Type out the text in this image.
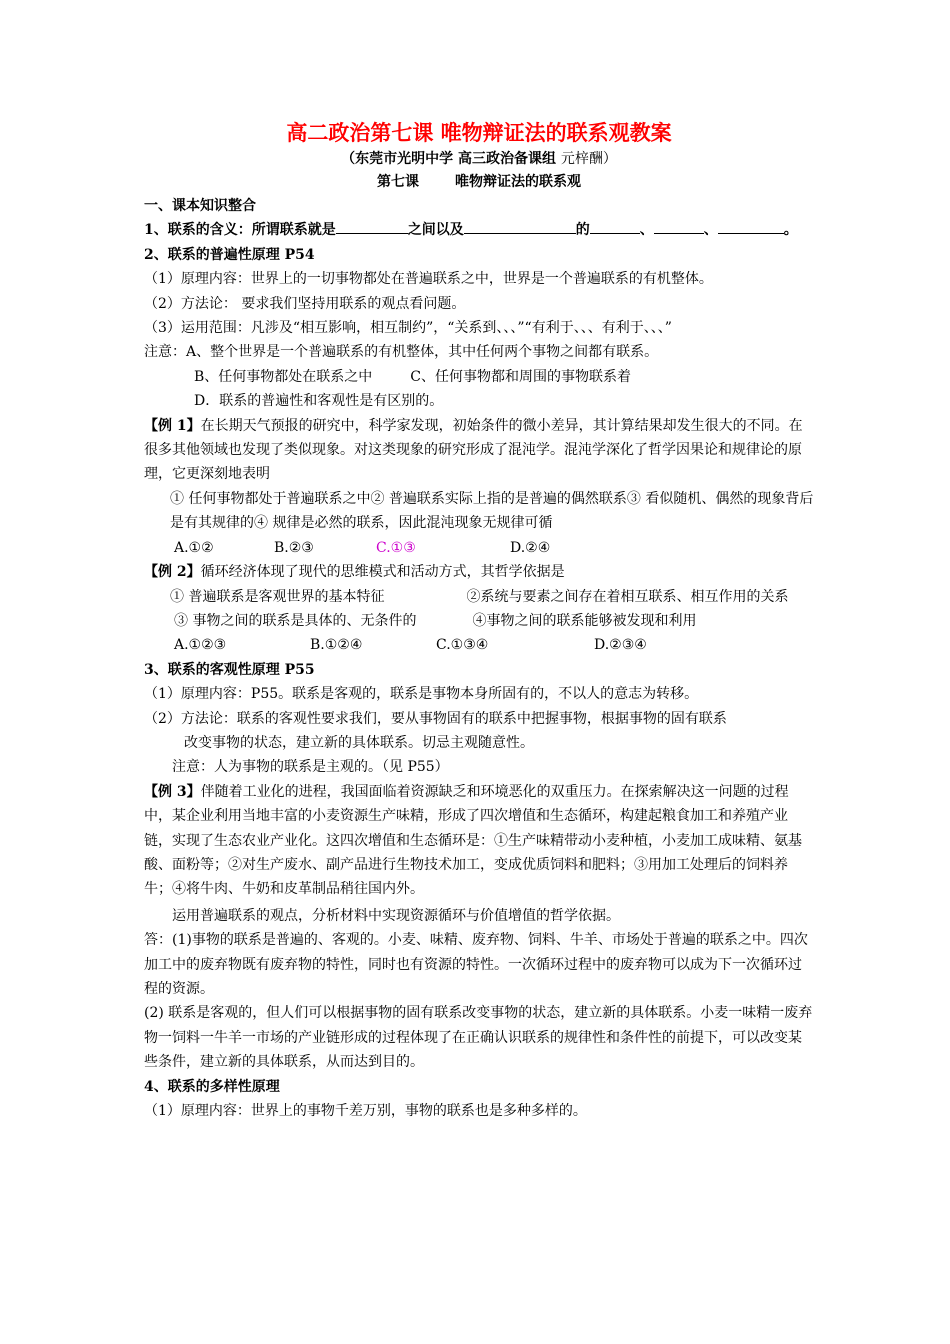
高二政治第七课 唯物辩证法的联系观教案
（东莞市光明中学 高三政治备课组 元梓酬）
第七课	唯物辩证法的联系观

一、课本知识整合

1、联系的含义：所谓联系就是	之间以及	的	、	、	。

2、联系的普遍性原理 P54

（1）原理内容：世界上的一切事物都处在普遍联系之中，世界是一个普遍联系的有机整体。

（2）方法论： 要求我们坚持用联系的观点看问题。

（3）运用范围：凡涉及“相互影响，相互制约”，“关系到、、、”“有利于、、、有利于、、、”

注意：A、整个世界是一个普遍联系的有机整体，其中任何两个事物之间都有联系。

B、任何事物都处在联系之中	C、任何事物都和周围的事物联系着

D．联系的普遍性和客观性是有区别的。

【例 1】在长期天气预报的研究中，科学家发现，初始条件的微小差异，其计算结果却发生很大的不同。在很多其他领域也发现了类似现象。对这类现象的研究形成了混沌学。混沌学深化了哲学因果论和规律论的原理，它更深刻地表明

① 任何事物都处于普遍联系之中② 普遍联系实际上指的是普遍的偶然联系③ 看似随机、偶然的现象背后是有其规律的④ 规律是必然的联系，因此混沌现象无规律可循

A.①②	B.②③	C.①③	D.②④

【例 2】循环经济体现了现代的思维模式和活动方式，其哲学依据是

① 普遍联系是客观世界的基本特征	②系统与要素之间存在着相互联系、相互作用的关系

③ 事物之间的联系是具体的、无条件的	④事物之间的联系能够被发现和利用

A.①②③	B.①②④	C.①③④	D.②③④

3、联系的客观性原理 P55

（1）原理内容：P55。联系是客观的，联系是事物本身所固有的，不以人的意志为转移。

（2）方法论：联系的客观性要求我们，要从事物固有的联系中把握事物，根据事物的固有联系

改变事物的状态，建立新的具体联系。切忌主观随意性。

注意：人为事物的联系是主观的。（见 P55）

【例 3】伴随着工业化的进程，我国面临着资源缺乏和环境恶化的双重压力。在探索解决这一问题的过程中，某企业利用当地丰富的小麦资源生产味精，形成了四次增值和生态循环，构建起粮食加工和养殖产业链，实现了生态农业产业化。这四次增值和生态循环是：①生产味精带动小麦种植，小麦加工成味精、氨基酸、面粉等；②对生产废水、副产品进行生物技术加工，变成优质饲料和肥料；③用加工处理后的饲料养牛；④将牛肉、牛奶和皮革制品稍往国内外。

运用普遍联系的观点，分析材料中实现资源循环与价值增值的哲学依据。

答：(1)事物的联系是普遍的、客观的。小麦、味精、废弃物、饲料、牛羊、市场处于普遍的联系之中。四次加工中的废弃物既有废弃物的特性，同时也有资源的特性。一次循环过程中的废弃物可以成为下一次循环过程的资源。

(2) 联系是客观的，但人们可以根据事物的固有联系改变事物的状态，建立新的具体联系。小麦一味精一废弃物一饲料一牛羊一市场的产业链形成的过程体现了在正确认识联系的规律性和条件性的前提下，可以改变某些条件，建立新的具体联系，从而达到目的。

4、联系的多样性原理

（1）原理内容：世界上的事物千差万别，事物的联系也是多种多样的。
